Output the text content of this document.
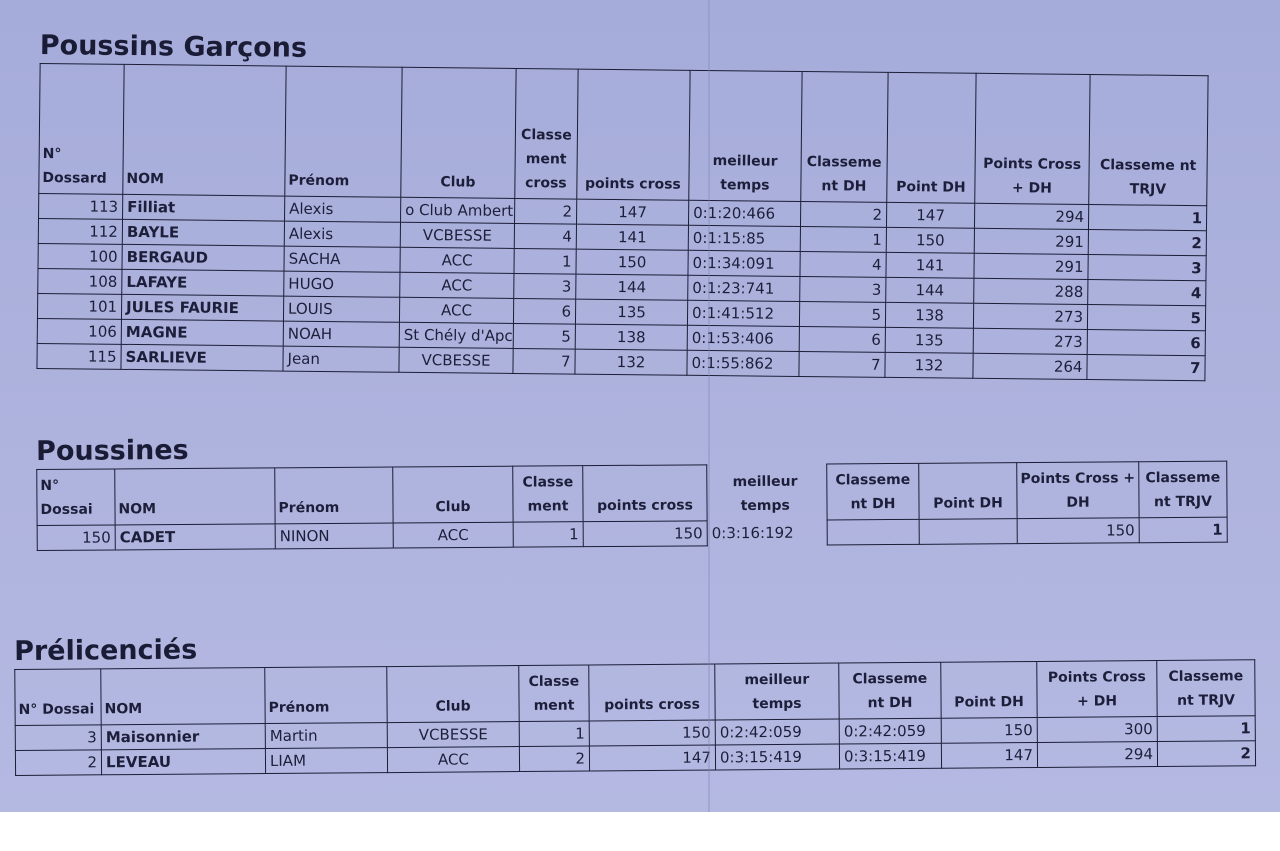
Poussins Garçons
N° Dossard	NOM	Prénom	Club	Classe ment cross	points cross	meilleur temps	Classeme nt DH	Point DH	Points Cross + DH	Classeme nt TRJV
113	Filliat	Alexis	o Club Ambert	2	147	0:1:20:466	2	147	294	1
112	BAYLE	Alexis	VCBESSE	4	141	0:1:15:85	1	150	291	2
100	BERGAUD	SACHA	ACC	1	150	0:1:34:091	4	141	291	3
108	LAFAYE	HUGO	ACC	3	144	0:1:23:741	3	144	288	4
101	JULES FAURIE	LOUIS	ACC	6	135	0:1:41:512	5	138	273	5
106	MAGNE	NOAH	St Chély d'Apc	5	138	0:1:53:406	6	135	273	6
115	SARLIEVE	Jean	VCBESSE	7	132	0:1:55:862	7	132	264	7
Poussines
N° Dossai	NOM	Prénom	Club	Classe ment	points cross	meilleur temps		Classeme nt DH	Point DH	Points Cross + DH	Classeme nt TRJV
150	CADET	NINON	ACC	1	150	0:3:16:192				150	1
Prélicenciés
N° Dossai	NOM	Prénom	Club	Classe ment	points cross	meilleur temps	Classeme nt DH	Point DH	Points Cross + DH	Classeme nt TRJV
3	Maisonnier	Martin	VCBESSE	1	150	0:2:42:059	0:2:42:059	150	300	1
2	LEVEAU	LIAM	ACC	2	147	0:3:15:419	0:3:15:419	147	294	2
